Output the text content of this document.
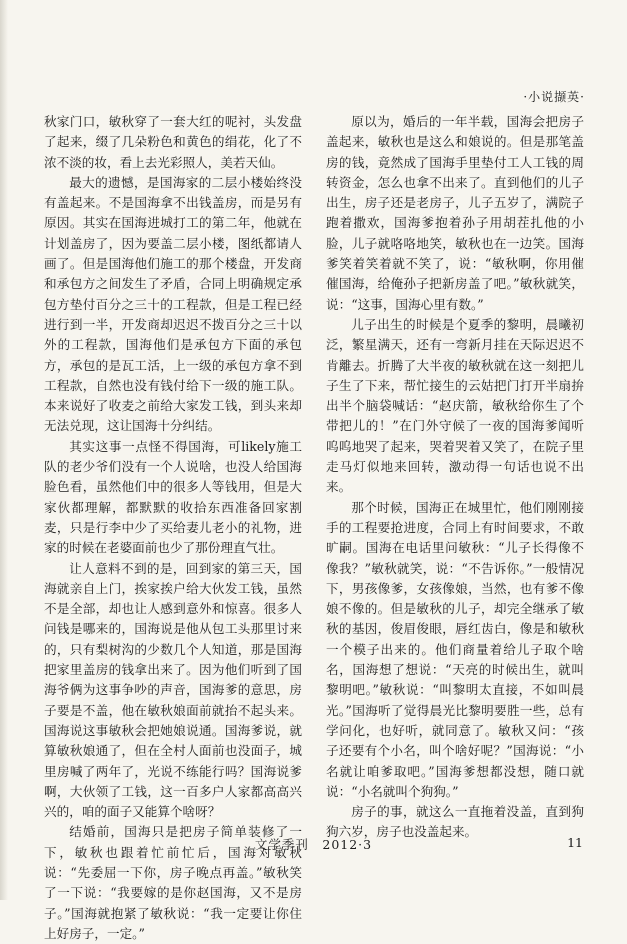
·小说撷英·

秋家门口，敏秋穿了一套大红的呢衬，头发盘了起来，缀了几朵粉色和黄色的绢花，化了不浓不淡的妆，看上去光彩照人，美若天仙。

最大的遗憾，是国海家的二层小楼始终没有盖起来。不是国海拿不出钱盖房，而是另有原因。其实在国海进城打工的第二年，他就在计划盖房了，因为要盖二层小楼，图纸都请人画了。但是国海他们施工的那个楼盘，开发商和承包方之间发生了矛盾，合同上明确规定承包方垫付百分之三十的工程款，但是工程已经进行到一半，开发商却迟迟不拨百分之三十以外的工程款，国海他们是承包方下面的承包方，承包的是瓦工活，上一级的承包方拿不到工程款，自然也没有钱付给下一级的施工队。本来说好了收麦之前给大家发工钱，到头来却无法兑现，这让国海十分纠结。

其实这事一点怪不得国海，可likely施工队的老少爷们没有一个人说啥，也没人给国海脸色看，虽然他们中的很多人等钱用，但是大家伙都理解，都默默的收拾东西准备回家割麦，只是行李中少了买给妻儿老小的礼物，进家的时候在老婆面前也少了那份理直气壮。

让人意料不到的是，回到家的第三天，国海就亲自上门，挨家挨户给大伙发工钱，虽然不是全部，却也让人感到意外和惊喜。很多人问钱是哪来的，国海说是他从包工头那里讨来的，只有梨树沟的少数几个人知道，那是国海把家里盖房的钱拿出来了。因为他们听到了国海爷俩为这事争吵的声音，国海爹的意思，房子要是不盖，他在敏秋娘面前就抬不起头来。国海说这事敏秋会把她娘说通。国海爹说，就算敏秋娘通了，但在全村人面前也没面子，城里房喊了两年了，光说不练能行吗？国海说爹啊，大伙领了工钱，这一百多户人家都高高兴兴的，咱的面子又能算个啥呀？

结婚前，国海只是把房子简单装修了一下，敏秋也跟着忙前忙后，国海对敏秋说：“先委屈一下你，房子晚点再盖。”敏秋笑了一下说：“我要嫁的是你赵国海，又不是房子。”国海就抱紧了敏秋说：“我一定要让你住上好房子，一定。”

原以为，婚后的一年半载，国海会把房子盖起来，敏秋也是这么和娘说的。但是那笔盖房的钱，竟然成了国海手里垫付工人工钱的周转资金，怎么也拿不出来了。直到他们的儿子出生，房子还是老房子，儿子五岁了，满院子跑着撒欢，国海爹抱着孙子用胡茬扎他的小脸，儿子就咯咯地笑，敏秋也在一边笑。国海爹笑着笑着就不笑了，说：“敏秋啊，你用催催国海，给俺孙子把新房盖了吧。”敏秋就笑，说：“这事，国海心里有数。”

儿子出生的时候是个夏季的黎明，晨曦初泛，繁星满天，还有一弯新月挂在天际迟迟不肯離去。折腾了大半夜的敏秋就在这一刻把儿子生了下来，帮忙接生的云姑把门打开半扇拚出半个脑袋喊话：“赵庆箭，敏秋给你生了个带把儿的！”在门外守候了一夜的国海爹闻听呜呜地哭了起来，哭着哭着又笑了，在院子里走马灯似地来回转，激动得一句话也说不出来。

那个时候，国海正在城里忙，他们刚刚接手的工程要抢进度，合同上有时间要求，不敢旷嗣。国海在电话里问敏秋：“儿子长得像不像我？”敏秋就笑，说：“不告诉你。”一般情况下，男孩像爹，女孩像娘，当然，也有爹不像娘不像的。但是敏秋的儿子，却完全继承了敏秋的基因，俊眉俊眼，唇红齿白，像是和敏秋一个模子出来的。他们商量着给儿子取个啥名，国海想了想说：“天亮的时候出生，就叫黎明吧。”敏秋说：“叫黎明太直接，不如叫晨光。”国海听了觉得晨光比黎明要胜一些，总有学问化，也好听，就同意了。敏秋又问：“孩子还要有个小名，叫个啥好呢？”国海说：“小名就让咱爹取吧。”国海爹想都没想，随口就说：“小名就叫个狗狗。”

房子的事，就这么一直拖着没盖，直到狗狗六岁，房子也没盖起来。

文学季刊　2012·3	11
